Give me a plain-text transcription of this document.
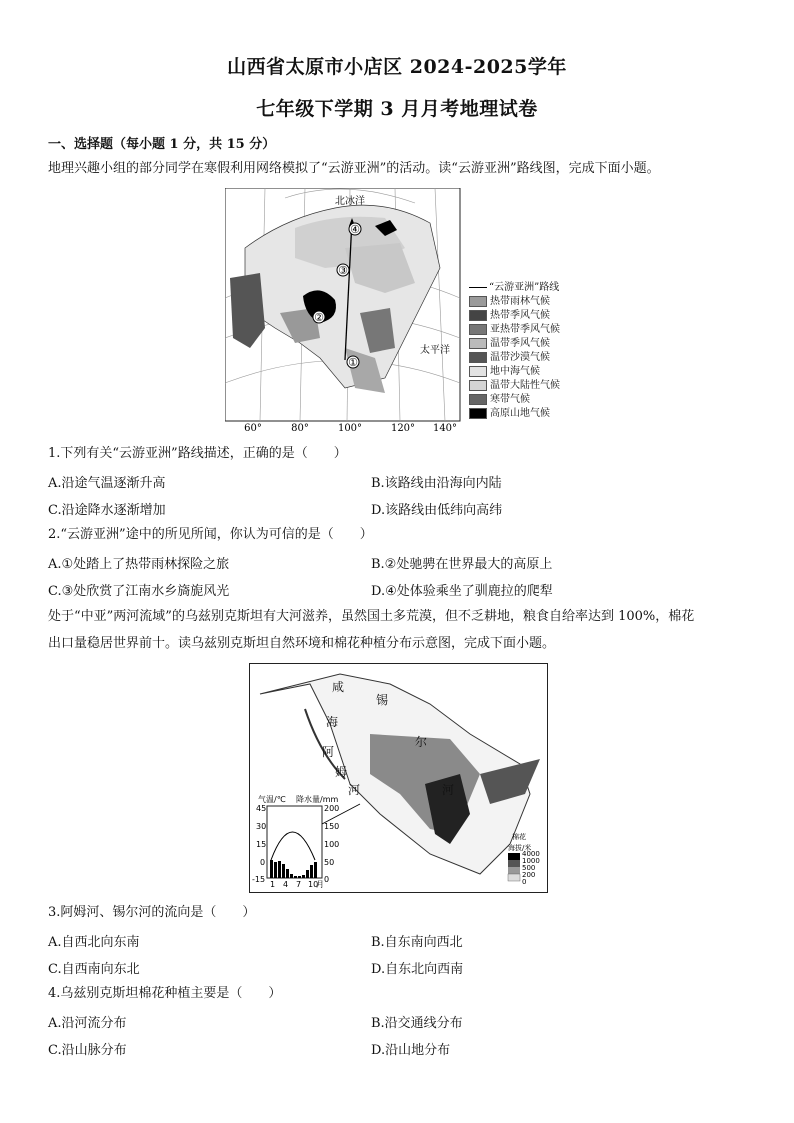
山西省太原市小店区 2024-2025学年
七年级下学期 3 月月考地理试卷
一、选择题（每小题 1 分，共 15 分）
地理兴趣小组的部分同学在寒假利用网络模拟了“云游亚洲”的活动。读“云游亚洲”路线图，完成下面小题。
①
②
③
④
北冰洋
太平洋
60°	80°	100°	120° 140°
“云游亚洲”路线
热带雨林气候
热带季风气候
亚热带季风气候
温带季风气候
温带沙漠气候
地中海气候
温带大陆性气候
寒带气候
高原山地气候
1.下列有关“云游亚洲”路线描述，正确的是（　　）
A.沿途气温逐渐升高	B.该路线由沿海向内陆
C.沿途降水逐渐增加	D.该路线由低纬向高纬
2.“云游亚洲”途中的所见所闻，你认为可信的是（　　）
A.①处踏上了热带雨林探险之旅	B.②处驰骋在世界最大的高原上
C.③处欣赏了江南水乡旖旎风光	D.④处体验乘坐了驯鹿拉的爬犁
处于“中亚”两河流域”的乌兹别克斯坦有大河滋养，虽然国土多荒漠，但不乏耕地，粮食自给率达到 100%，棉花
出口量稳居世界前十。读乌兹别克斯坦自然环境和棉花种植分布示意图，完成下面小题。
咸
海
锡
尔
河
阿
姆
河
气温/℃ 降水量/mm
45
30
15
0
-15
200
150
100
50
0
1 4 7 10
月
棉花
海拔/米
4000
1000
500
200
0
3.阿姆河、锡尔河的流向是（　　）
A.自西北向东南	B.自东南向西北
C.自西南向东北	D.自东北向西南
4.乌兹别克斯坦棉花种植主要是（　　）
A.沿河流分布	B.沿交通线分布
C.沿山脉分布	D.沿山地分布
